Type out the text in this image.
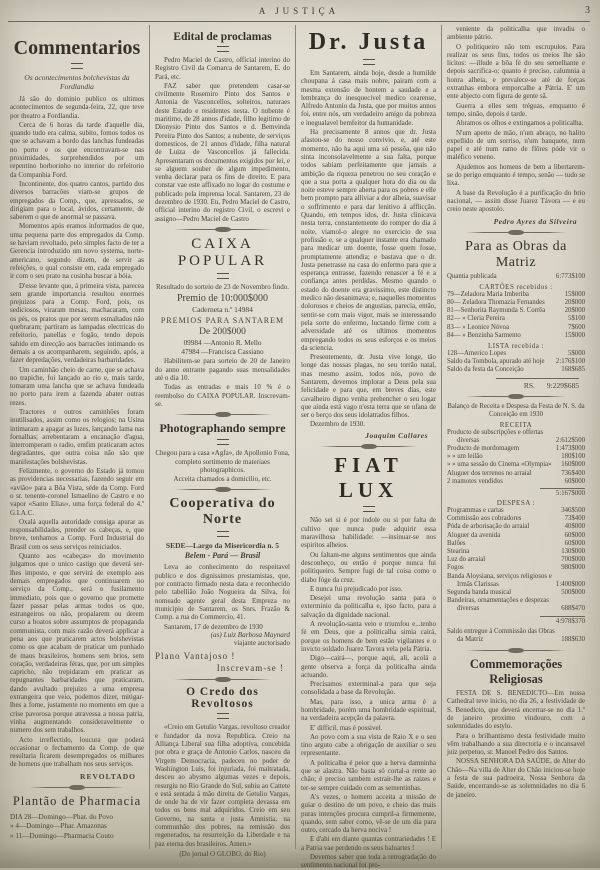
A JUSTIÇA	3
Commentarios

Os acontecimentos bolchevistas da Fordlandia

Já são do dominio publico os ultimos acontecimentos de segunda-feira, 22, que teve por theatro a Fordlandia.

Cerca de 6 horas da tarde d'aquelle dia, quando tudo era calma, subito, fomos todos os que se achavam a bordo das lanchas fundeadas no porto e os que encontravam-se nas proximidades, surprehendidos por um repentino borborinho no interior do refeitorio da Companhia Ford.

Incontinente, dos quatro cantos, partido dos diversos barracões viam-se grupos de empregados da Comp., que, apressados, se dirigiam para o local, ávidos, certamente, de saberem o que de anormal se passava.

Momentos após eramos informados de que, uma pequena parte dos empregados da Comp. se haviam revoltado, pelo simples facto de ter a Gerencia introduzido um novo systema, norte-americano, segundo dizem, de servir as refeições, o qual consiste em, cada empregado ir com o seu prato na cosinha buscar a bóia.

D'esse levante que, á primeira vista, parecea sem grande importancia resultou enormes prejuizos para a Comp. Ford, pois, os sediciosos, viraram mesas, machacaram, com os pés, os pratos que por serem esmaltados não quebraram; partiram as lampadas electricas do refeitorio, panellas e fogão, tendo depois sahido em direcção aos barracões intimando os demais a os acompanharem, seguindo, após, a fazer depredações, verdadeiras barbaridades.

Um caminhão cheio de carne, que se achava no trapiche, foi lançado ao rio e, mais tarde, tomaram uma lancha que se achava fundeada no porto para irem a fazenda abater outras rezes.

Tractores e outros caminhões foram inutilisados, assim como os relogios; na Usina intimaram a apagar as luzes, lançando lama nas fornalhas; arrebentaram a encanação d'agua, interromperam o radio, emfim praticaram actos degradantes, que outra coisa não são que manifestações bolshevistas.

Felizmente, o governo do Estado já tomou as providencias necessarias, fazendo seguir em «avião» para a Bôa Vista, séde da Comp. Ford o sr. tenente-coronel Ismaelino de Castro e no vapor «Santo Elias», uma força federal do 4.º G.I.A.C.

Oxalá aquella autoridade consiga apurar as responsabilidades, prender os cabeças, e, que breve, tenhamos a Comp. Ford Industrial do Brasil com os seus serviços reiniciados.

Quanto aos «cabeças» do movimento julgamos que o unico castigo que deverá ser-lhes imposto, e que servirá de exemplo aos demais empregados que continuarem no serviço da Comp., será o fusilamento immediato, pois que o governo que promette fazer passar pelas armas todos os que, estrangeiros ou não, propalarem ou derem curso a boatos sobre assumptos de propaganda communista, com mais razão deverá applicar a pena aos que praticarem actos bolshevistas como os que acabam de praticar um punhado de maus brasileiros, homens sem brios, sem coração, verdadeiras féras, que, por um simples capricho, não trepidaram em praticar as repugnantes barbaridades que praticaram, dando avultado prejuizo a uma empresa extrangeira que veio, podemos dizer, mitigar-lhes a fome, justamente no momento em que a crise pavorosa porque atravessa a nossa patria, vinha augmentando consideravelmente o numero dos sem trabalhos.

Acto irreflectido, loucura que poderá occasionar o fechamento da Comp. de que resultaria ficarem desempregados os milhares de homens que trabalham nos seus serviços.

REVOLTADO
Plantão de Pharmacia
DIA 28—Domingo—Phar. do Povo
» 4—Domingo—Phar. Amazonas
» 11—Domingo—Pharmacia Couto
Edital de proclamas

Pedro Maciel de Castro, official interino do Registro Civil da Comarca de Santarem, E. do Pará, etc.

FAZ saber que pretendem casar-se civilmente Rosemiro Pinto dos Santos e Antonia de Vasconcellos, solteiros, naturaes deste Estado e residentes nesta. O nubente é maritimo, de 28 annos d'idade, filho legitimo de Dionysio Pinto dos Santos e d. Bemvinda Pereira Pinto dos Santos; a nubente, de serviços domesticos, de 21 annos d'idade, filha natural de Luiza de Vasconcellos já fallecida. Apresentaram os documentos exigidos por lei, e se alguem souber de algum impedimento, venha declarar para os fins de direito. E para constar vae este affixado no logar do costume e publicado pela imprensa local. Santarem, 23 de dezembro de 1930. Eu, Pedro Maciel de Castro, official interino do registro Civil, o escrevi e assigno—Pedro Maciel de Castro

CAIXA POPULAR
Resultado do sorteio de 23 de Novembro findo.
Premio de 10:000$000
Caderneta n.º 14984
PREMIOS PARA SANTAREM
De 200$000
09984 —Antonio R. Mello
47984 —Francisca Cassiano

Habilitem-se para sorteio de 20 de Janeiro do anno entrante pagando suas mensalidades até o dia 10.

Todas as entradas e mais 10 % é o reembolso do CAIXA POPULAR. Inscrevam-se.

Photographando sempre

Chegou para a casa «Agfa», de Apollonio Fona, completo sortimento de materiaes photographicos.

Acceita chamados a domicilio, etc.

Cooperativa do Norte
SEDE—Largo da Misericordia n. 5
Belem - Pará — Brasil

Leva ao conhecimento do respeitavel publico e dos dignissimos prestamistas, que, por contracto firmado nesta data e reconhecido pelo tabellião João Nogueira da Silva, foi nomeado agente geral desta Empreza no municipio de Santarem, os Snrs. Frazão & Comp. a rua do Commercio, 41.

Santarem, 17 de dezembro de 1930
(as) Luiz Barbosa Maynard
viajante auctorisado
Plano Vantajoso !
Inscrevam-se !
O Credo dos Revoltosos

«Creio em Getulio Vargas, revoltoso creador e fundador da nova Republica. Creio na Alliança Liberal sua filha adoptiva, concebida por obra e graça de Antonio Carlos, nasceu da Virgem Democracia, padeceu no poder de Washington Luis, foi injuriada, foi maltratada, desceu ao abysmo algumas vezes e depois, resurgiu no Rio Grande do Sul, subiu ao Cattete e está sentada á mão direita de Getulio Vargas, de onde ha de vir fazer completa devassa em todos os bens mal adquiridos. Creio em seu Governo, na santa e justa Amnistia, na communhão dos pobres, na remissão dos regenerados, na resurreição da Liberdade e na paz eterna dos brasileiros. Amen.»

(Do jornal O GLOBO, do Rio)
Dr. Justa

Em Santarem, ainda hoje, desde a humilde choupana á casa mais nobre, pairam com a mesma extensão de hontem a saudade e a lembrança do inesquecivel medico cearense, Alfredo Antonio da Justa, que por muitos annos foi, entre nós, um verdadeiro amigo da pobreza e inegualavel bemfeitor da humanidade.

Ha precisamente 8 annos que dr. Justa afastou-se do nosso convivio, e, até este momento, não ha aqui uma só pessôa, que não sinta inconsolavelmente a sua falta, porque todos sabiam perfeitamente que jamais a ambição da riqueza penetrou no seu coração e que a sua porta a qualquer hora do dia ou da noite esteve sempre aberta para os pobres e elle bem prompto para alliviar a dor alheia, suavisar o soffrimento e para dar lenitivo á afflicção. Quando, em tempos idos, dr. Justa clinicava nesta terra, constantemente do romper do dia á noite, viamol-o alegre no exercicio de sua profissão e, se a qualquer instante era chamado para medicar um doente, fosse quem fosse, promptamente attendia; e bastava que o dr. Justa penetrasse na casa do enfermo para que a esperança entrasse, fazendo renascer a fé e a confiança antes perdidas. Mesmo quando o estado do doente era gravissimo, este distincto medico não desanimava; e, naquelles momentos dolorosos e cheios de angustias, parecia, então, sentir-se com mais vigor, mais se interessando pela sorte do enfermo, luctando firme com a adversidade até os ultimos momentos empregando todos os seus esforços e os meios da sciencia.

Presentemente, dr. Justa vive longe, tão longe das nossas plagas, no seu torrão natal, mas mesmo assim, todos nós, povo de Santarem, devemos implorar a Deus pela sua felicidade e para que, em breves dias, este cavalheiro digno venha prehencher o seu logar que ainda está vago n'esta terra que se ufana de ser o berço dos seus idolatrados filhos.

Dezembro de 1930.
Joaquim Callares
FIAT LUX

Não sei si é por indole ou si por falta de cultivo que nunca pude adquirir essa maravilhosa habilidade: —insinuar-se nos espiritos alheios.

Ou faltam-me alguns sentimentos que ainda desconheço, ou então é porque nunca fui politiqueiro. Sempre fugi de tal coisa como o diabo fóge da cruz.

E nunca fui prejudicado por isso.

Desejei uma revolução santa para o exterminio da politicalha e, ipso facto, para a salvação da dignidade nacional.

A revolução-santa veio e triumfou e...tenho fé em Deus, que a politicalha simia cairá, porque os homens de bem estão vigilantes e o invicto soldado Juarez Tavora vela pela Pátria.

Digo—cairá—, porque aqui, ali, acolá a gente observa a força da politicalha ainda actuando.

Precisamos exterminal-a para que seja consolidada a base da Revolução.

Mas, para isso, a unica arma é a hombridade, porém uma hombridade espiritual, na verdadeira acepção da palavra.

E' difficil, mas é possivel.

Ao povo com a sua vista de Raio X e o seu tino arguto cabe a obrigação de auxiliar o seu representante.

A politicalha é peior que a herva damninha que se alastra. Não basta só cortal-a rente ao chão; é preciso tambem estrair-lhe as raizes e ter-se sempre cuidado com as sementinhas.

A's vezes, o homem acceita a missão de guiar o destino de um povo, e cheio das mais puras intenções procura cumpril-a firmemente, quando, sem saber como, vê-se de um dia para outro, cercado da herva nociva !

E d'ahi em diante quantas contrariedades ! E a Patria vae perdendo os seus baluartes !

Devemos saber que toda a retrogradação do sentimento nacional foi pro-

veniente da politicalha que invadiu o ambiente pátrio.

O politiqueiro não tem escrupulos. Para realizar os seus fins, todos os meios lhe são licitos: —illude a bôa fé do seu semelhante e depois sacrifica-o; quanto é preciso, calumnia a honra alheia, e prevalece-se até de forças extranhas embora emporcalhe a Pátria. E' um ente abjecto com figura de gente sã.

Guerra a elles sem tréguas, emquanto é tempo, sinão, depois é tarde.

Abramos os olhos e extingamos a politicalha.

N'um aperto de mão, n'um abraço, no halito expellido de um sorriso, n'um banquete, num papel e até num ramo de flôres póde vir o maléfico veneno.

Ajudemos aos homens de bem a libertarem-se do perigo emquanto é tempo, senão — tudo se lixa.

A base da Revolução é a purificação do brio nacional, — assim disse Juarez Távora — e eu creio neste apostolo.

Pedro Ayres da Silveira
Para as Obras da Matriz
Quantia publicada	6:773$100
CARTÕES recebidos :
79—Zeladora Maria Imberiba	15$000
80— Zeladora Thomazia Fernandes	20$000
81—Senhorita Raymunda S. Corrêa	20$000
82— » Cleria Pereira	5$100
83— » Leonice Nóvoa	7$600
84— » Benzinha Sarmento	15$000
LISTA recebida :
128—Americo Lopes	5$000
Saldo da Tombola, apurado até hoje	2:176$100
Saldo da festa da Conceição	168$685
RS. 9:229$685
Balanço de Receita e Despesa da Festa de N. S. da Conceição em 1930
RECEITA
Producto de subscripções e offertas diversas	2:612$500
Producto de mordomagem	1:473$000
» » um leilão	180$100
» » uma sessão do Cinema «Olympia»	160$000
Aluguer dos terrenos no arraial	736$400
2 mamotes vendidos	60$000
5:167$000
DESPESA :
Programmas e cartas	346$500
Commissão aos cobradores	73$400
Póda de arborisação do arraial	40$000
Aloguer da avenida	60$000
Balões	60$000
Stearina	130$000
Luz do arraial	700$000
Fogos	980$000
Banda Aloysiana, serviços religiosos e Irmãs Clarissas	1:400$000
Segunda banda musical	500$000
Bandeiras, ornamentações e despezas diversas	688$470
4:978$370
Saldo entregue á Commissão das Obras da Matriz	188$630
Commemorações Religiosas

FESTA DE S. BENEDICTO—Em nossa Cathedral teve inicio, no dia 26, a festividade de S. Benedicto, que deverá encerrar-se no dia 1.º de janeiro proximo vindouro, com a solennidades do estylo.

Para o brilhantismo desta festividade muito vêm trabalhando a sua directoria e o incansavel juiz perpetuo, sr. Manoel Pedro dos Santos.

NOSSA SENHORA DA SAÚDE, de Alter do Chão—Na villa de Alter do Chão iniciou-se hoje a festa de sua padroeira, Nossa Senhora da Saúde, encerrando-se as solemnidades no dia 6 de janeiro.
